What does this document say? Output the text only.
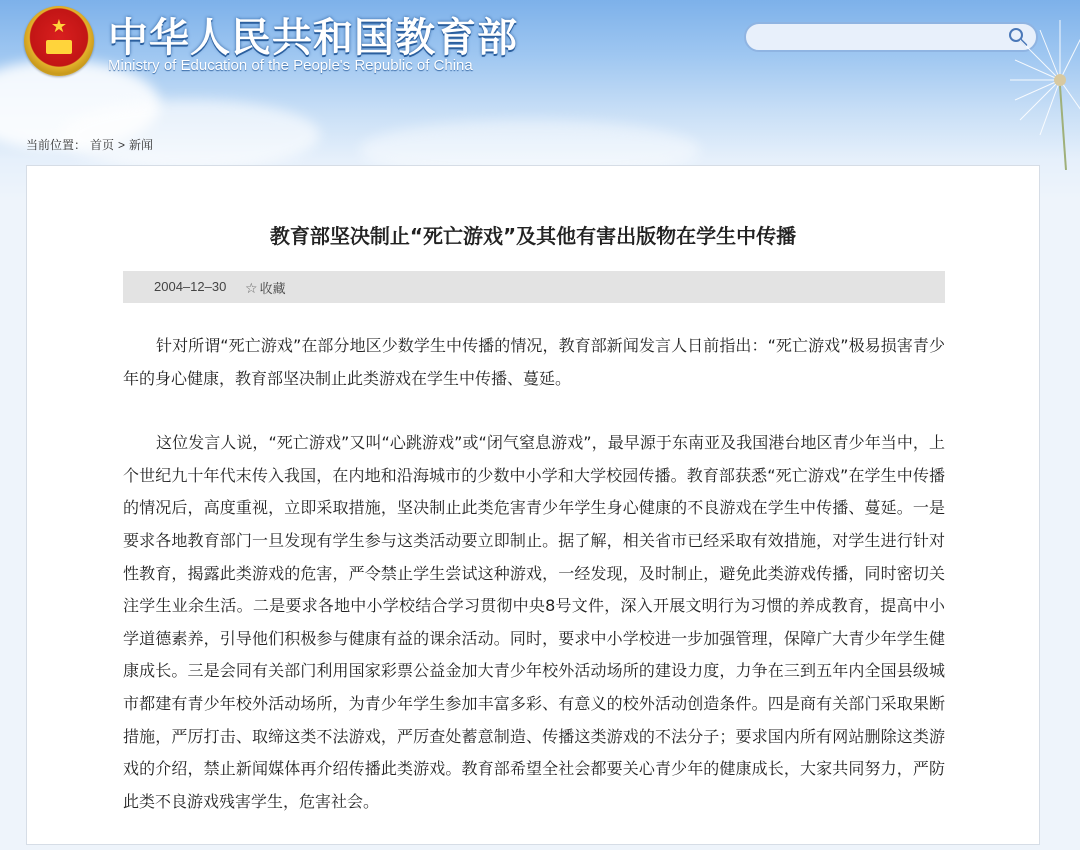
★	中华人民共和国教育部
Ministry of Education of the People's Republic of China
当前位置： 首页 > 新闻
教育部坚决制止“死亡游戏”及其他有害出版物在学生中传播
2004–12–30 ☆ 收藏

针对所谓“死亡游戏”在部分地区少数学生中传播的情况，教育部新闻发言人日前指出：“死亡游戏”极易损害青少年的身心健康，教育部坚决制止此类游戏在学生中传播、蔓延。

这位发言人说，“死亡游戏”又叫“心跳游戏”或“闭气窒息游戏”，最早源于东南亚及我国港台地区青少年当中，上个世纪九十年代末传入我国，在内地和沿海城市的少数中小学和大学校园传播。教育部获悉“死亡游戏”在学生中传播的情况后，高度重视，立即采取措施，坚决制止此类危害青少年学生身心健康的不良游戏在学生中传播、蔓延。一是要求各地教育部门一旦发现有学生参与这类活动要立即制止。据了解，相关省市已经采取有效措施，对学生进行针对性教育，揭露此类游戏的危害，严令禁止学生尝试这种游戏，一经发现，及时制止，避免此类游戏传播，同时密切关注学生业余生活。二是要求各地中小学校结合学习贯彻中央8号文件，深入开展文明行为习惯的养成教育，提高中小学道德素养，引导他们积极参与健康有益的课余活动。同时，要求中小学校进一步加强管理，保障广大青少年学生健康成长。三是会同有关部门利用国家彩票公益金加大青少年校外活动场所的建设力度，力争在三到五年内全国县级城市都建有青少年校外活动场所，为青少年学生参加丰富多彩、有意义的校外活动创造条件。四是商有关部门采取果断措施，严厉打击、取缔这类不法游戏，严厉查处蓄意制造、传播这类游戏的不法分子；要求国内所有网站删除这类游戏的介绍，禁止新闻媒体再介绍传播此类游戏。教育部希望全社会都要关心青少年的健康成长，大家共同努力，严防此类不良游戏残害学生，危害社会。
